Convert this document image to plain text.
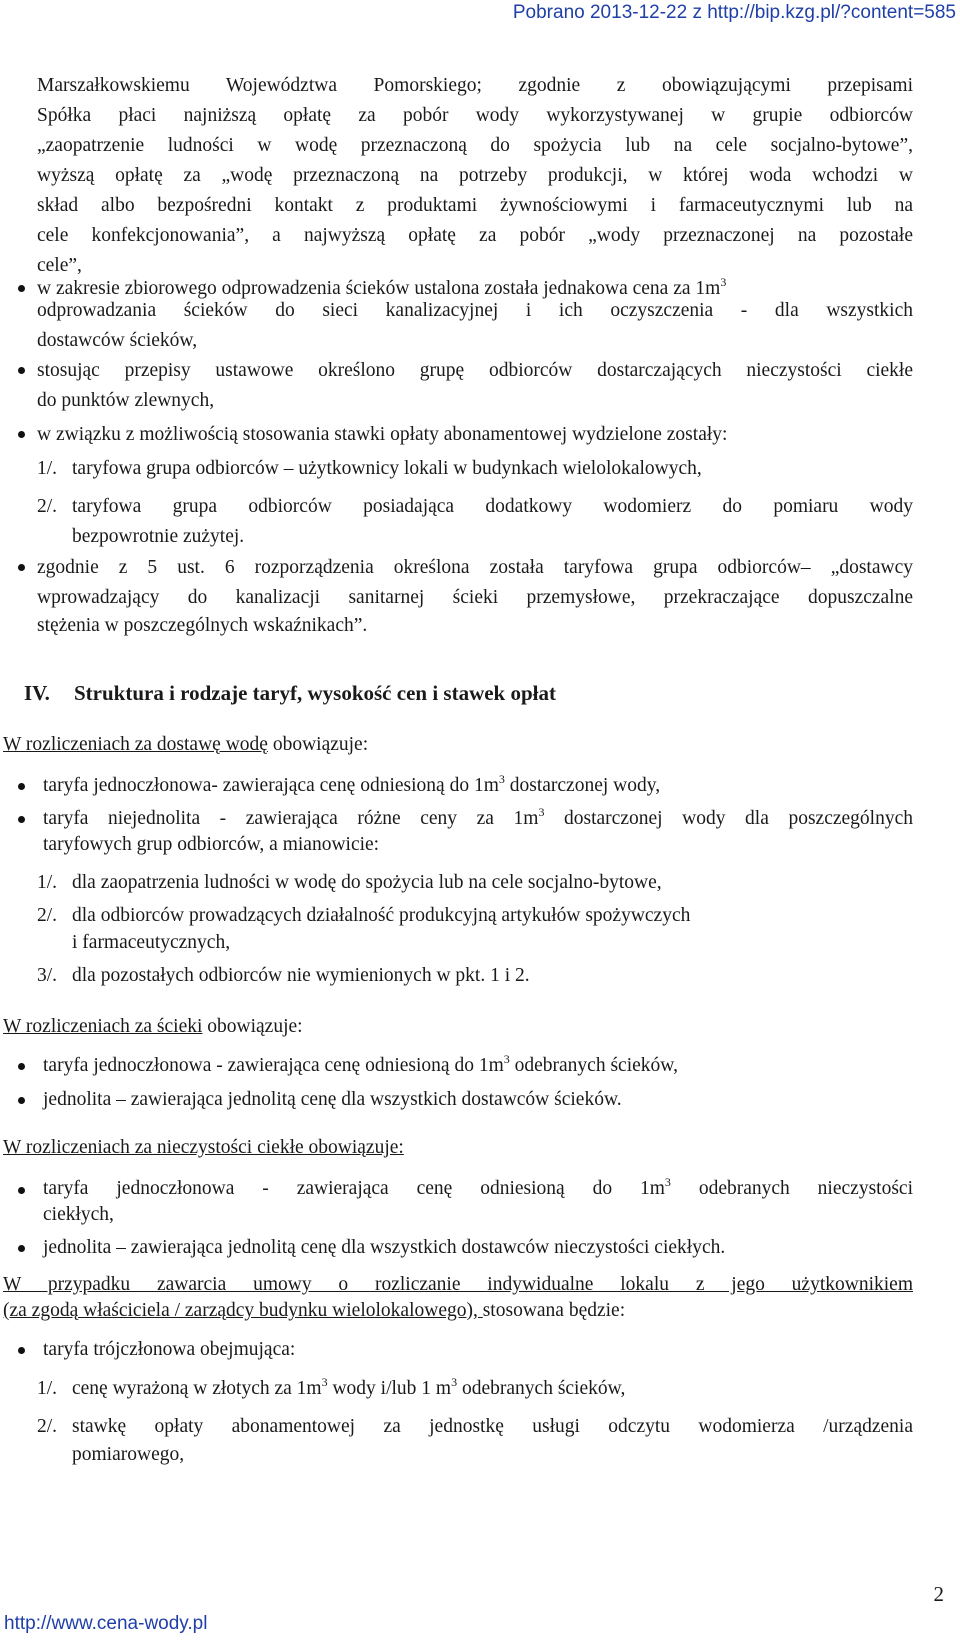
Pobrano 2013-12-22 z http://bip.kzg.pl/?content=585
2
http://www.cena-wody.pl
Marszałkowskiemu Województwa Pomorskiego; zgodnie z obowiązującymi przepisami
Spółka płaci najniższą opłatę za pobór wody wykorzystywanej w grupie odbiorców
„zaopatrzenie ludności w wodę przeznaczoną do spożycia lub na cele socjalno-bytowe”,
wyższą opłatę za „wodę przeznaczoną na potrzeby produkcji, w której woda wchodzi w
skład albo bezpośredni kontakt z produktami żywnościowymi i farmaceutycznymi lub na
cele konfekcjonowania”, a najwyższą opłatę za pobór „wody przeznaczonej na pozostałe
cele”,
w zakresie zbiorowego odprowadzenia ścieków ustalona została jednakowa cena za $1m^3$
odprowadzania ścieków do sieci kanalizacyjnej i ich oczyszczenia - dla wszystkich
dostawców ścieków,
stosując przepisy ustawowe określono grupę odbiorców dostarczających nieczystości ciekłe
do punktów zlewnych,
w związku z możliwością stosowania stawki opłaty abonamentowej wydzielone zostały:
1/. taryfowa grupa odbiorców – użytkownicy lokali w budynkach wielolokalowych,
2/. taryfowa grupa odbiorców posiadająca dodatkowy wodomierz do pomiaru wody
bezpowrotnie zużytej.
zgodnie z 5 ust. 6 rozporządzenia określona została taryfowa grupa odbiorców– „dostawcy
wprowadzający do kanalizacji sanitarnej ścieki przemysłowe, przekraczające dopuszczalne
stężenia w poszczególnych wskaźnikach”.
IV. Struktura i rodzaje taryf, wysokość cen i stawek opłat
W rozliczeniach za dostawę wodę obowiązuje:
taryfa jednoczłonowa- zawierająca cenę odniesioną do $1m^3$ dostarczonej wody,
taryfa niejednolita - zawierająca różne ceny za $1m^3$ dostarczonej wody dla poszczególnych
taryfowych grup odbiorców, a mianowicie:
1/. dla zaopatrzenia ludności w wodę do spożycia lub na cele socjalno-bytowe,
2/. dla odbiorców prowadzących działalność produkcyjną artykułów spożywczych
i farmaceutycznych,
3/. dla pozostałych odbiorców nie wymienionych w pkt. 1 i 2.
W rozliczeniach za ścieki obowiązuje:
taryfa jednoczłonowa - zawierająca cenę odniesioną do $1m^3$ odebranych ścieków,
jednolita – zawierająca jednolitą cenę dla wszystkich dostawców ścieków.
W rozliczeniach za nieczystości ciekłe obowiązuje:
taryfa jednoczłonowa - zawierająca cenę odniesioną do $1m^3$ odebranych nieczystości
ciekłych,
jednolita – zawierająca jednolitą cenę dla wszystkich dostawców nieczystości ciekłych.
W przypadku zawarcia umowy o rozliczanie indywidualne lokalu z jego użytkownikiem
(za zgodą właściciela / zarządcy budynku wielolokalowego), stosowana będzie:
taryfa trójczłonowa obejmująca:
1/. cenę wyrażoną w złotych za $1m^3$ wody i/lub 1 $m^3$ odebranych ścieków,
2/. stawkę opłaty abonamentowej za jednostkę usługi odczytu wodomierza /urządzenia
pomiarowego,
